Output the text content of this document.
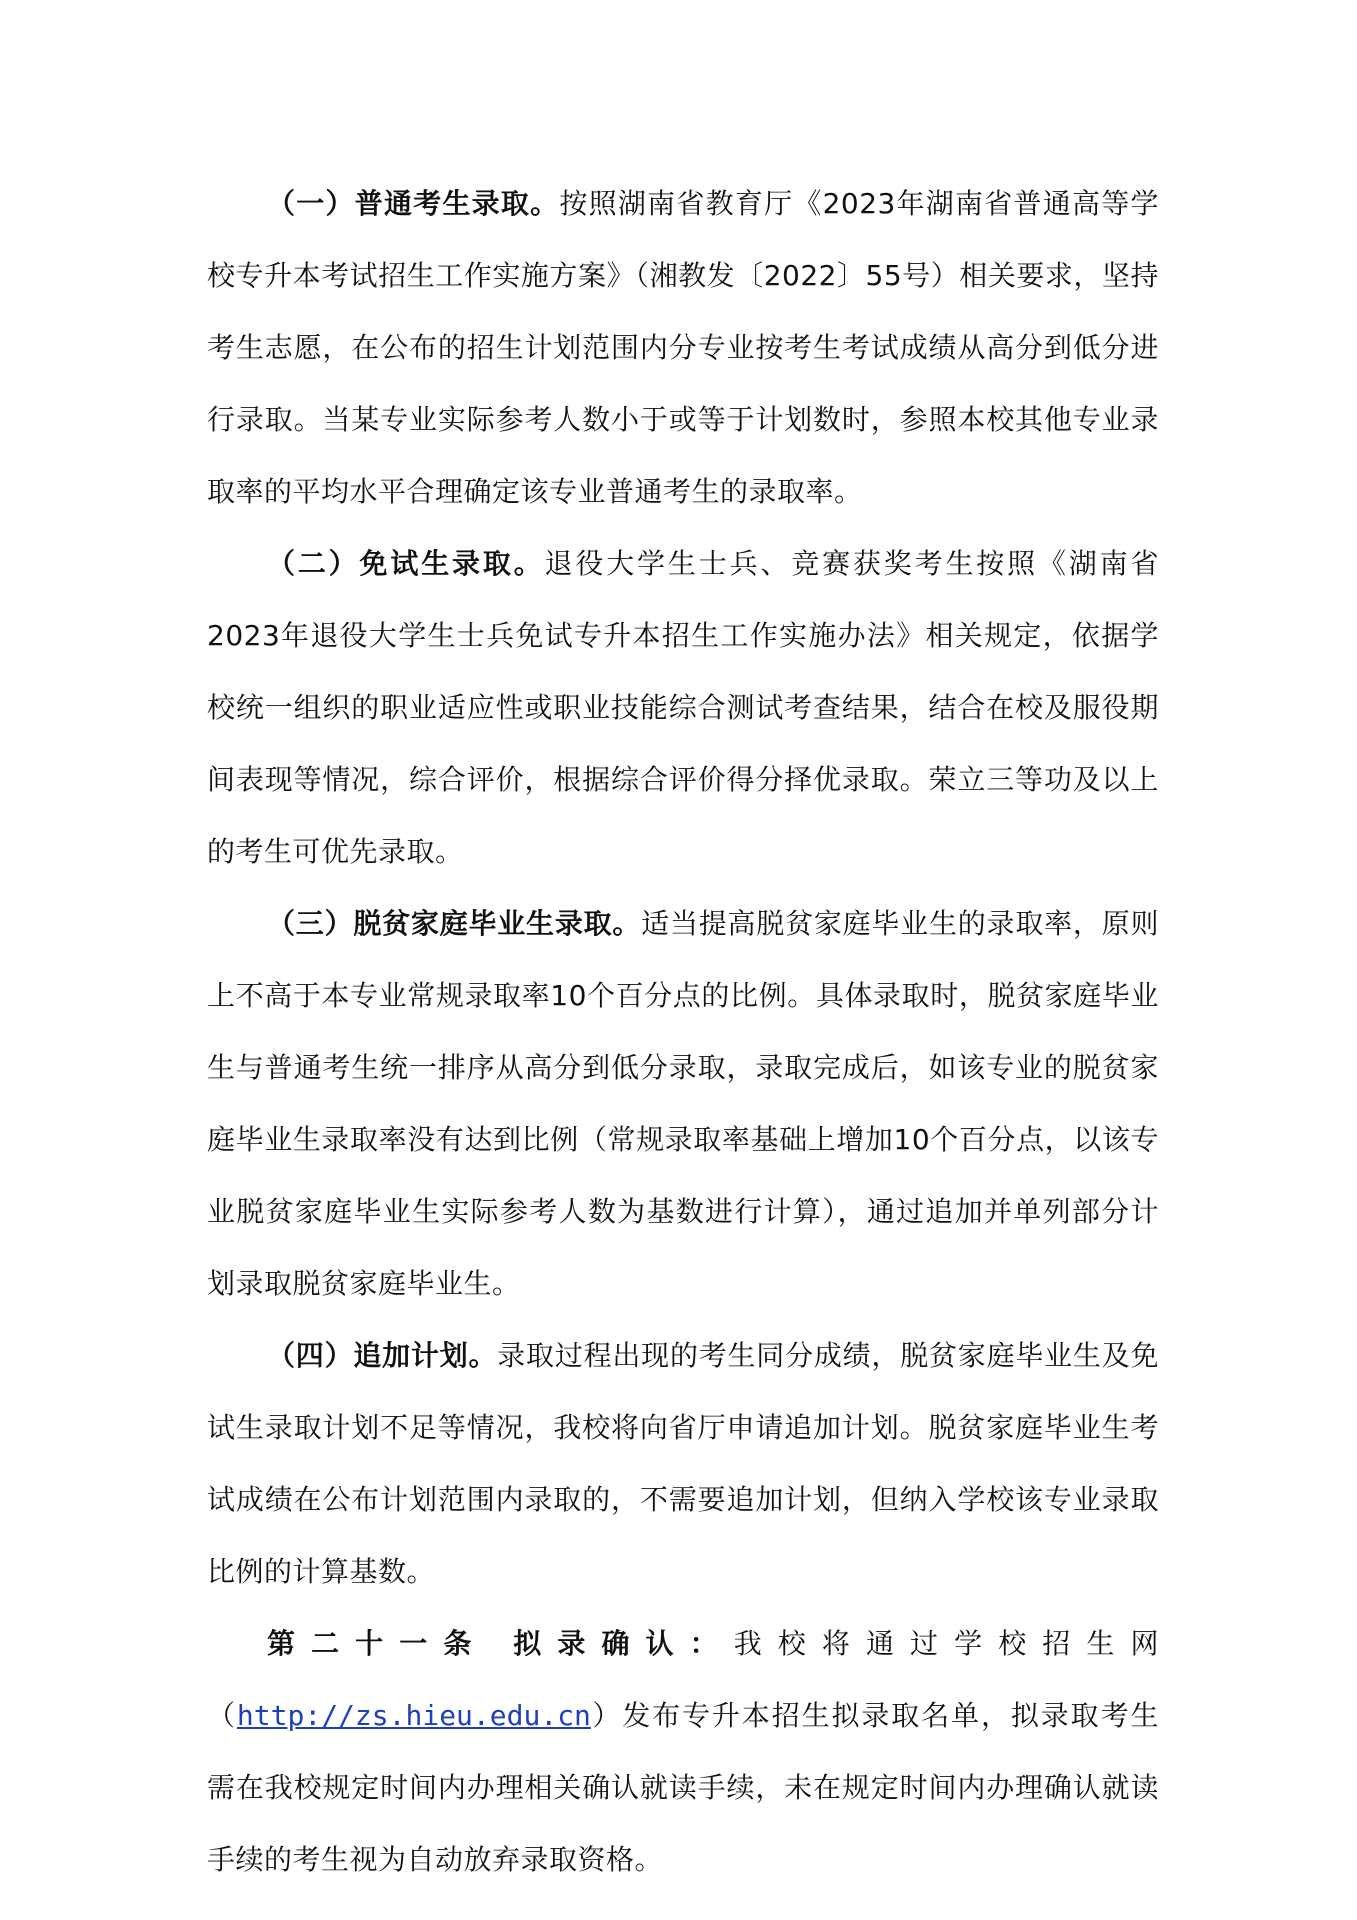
（一）普通考生录取。按照湖南省教育厅《2023年湖南省普通高等学校专升本考试招生工作实施方案》（湘教发〔2022〕55号）相关要求，坚持考生志愿，在公布的招生计划范围内分专业按考生考试成绩从高分到低分进行录取。当某专业实际参考人数小于或等于计划数时，参照本校其他专业录取率的平均水平合理确定该专业普通考生的录取率。

（二）免试生录取。退役大学生士兵、竞赛获奖考生按照《湖南省2023年退役大学生士兵免试专升本招生工作实施办法》相关规定，依据学校统一组织的职业适应性或职业技能综合测试考查结果，结合在校及服役期间表现等情况，综合评价，根据综合评价得分择优录取。荣立三等功及以上的考生可优先录取。

（三）脱贫家庭毕业生录取。适当提高脱贫家庭毕业生的录取率，原则上不高于本专业常规录取率10个百分点的比例。具体录取时，脱贫家庭毕业生与普通考生统一排序从高分到低分录取，录取完成后，如该专业的脱贫家庭毕业生录取率没有达到比例（常规录取率基础上增加10个百分点，以该专业脱贫家庭毕业生实际参考人数为基数进行计算），通过追加并单列部分计划录取脱贫家庭毕业生。

（四）追加计划。录取过程出现的考生同分成绩，脱贫家庭毕业生及免试生录取计划不足等情况，我校将向省厅申请追加计划。脱贫家庭毕业生考试成绩在公布计划范围内录取的，不需要追加计划，但纳入学校该专业录取比例的计算基数。

第二十一条 拟录确认：我校将通过学校招生网（http://zs.hieu.edu.cn）发布专升本招生拟录取名单，拟录取考生需在我校规定时间内办理相关确认就读手续，未在规定时间内办理确认就读手续的考生视为自动放弃录取资格。
